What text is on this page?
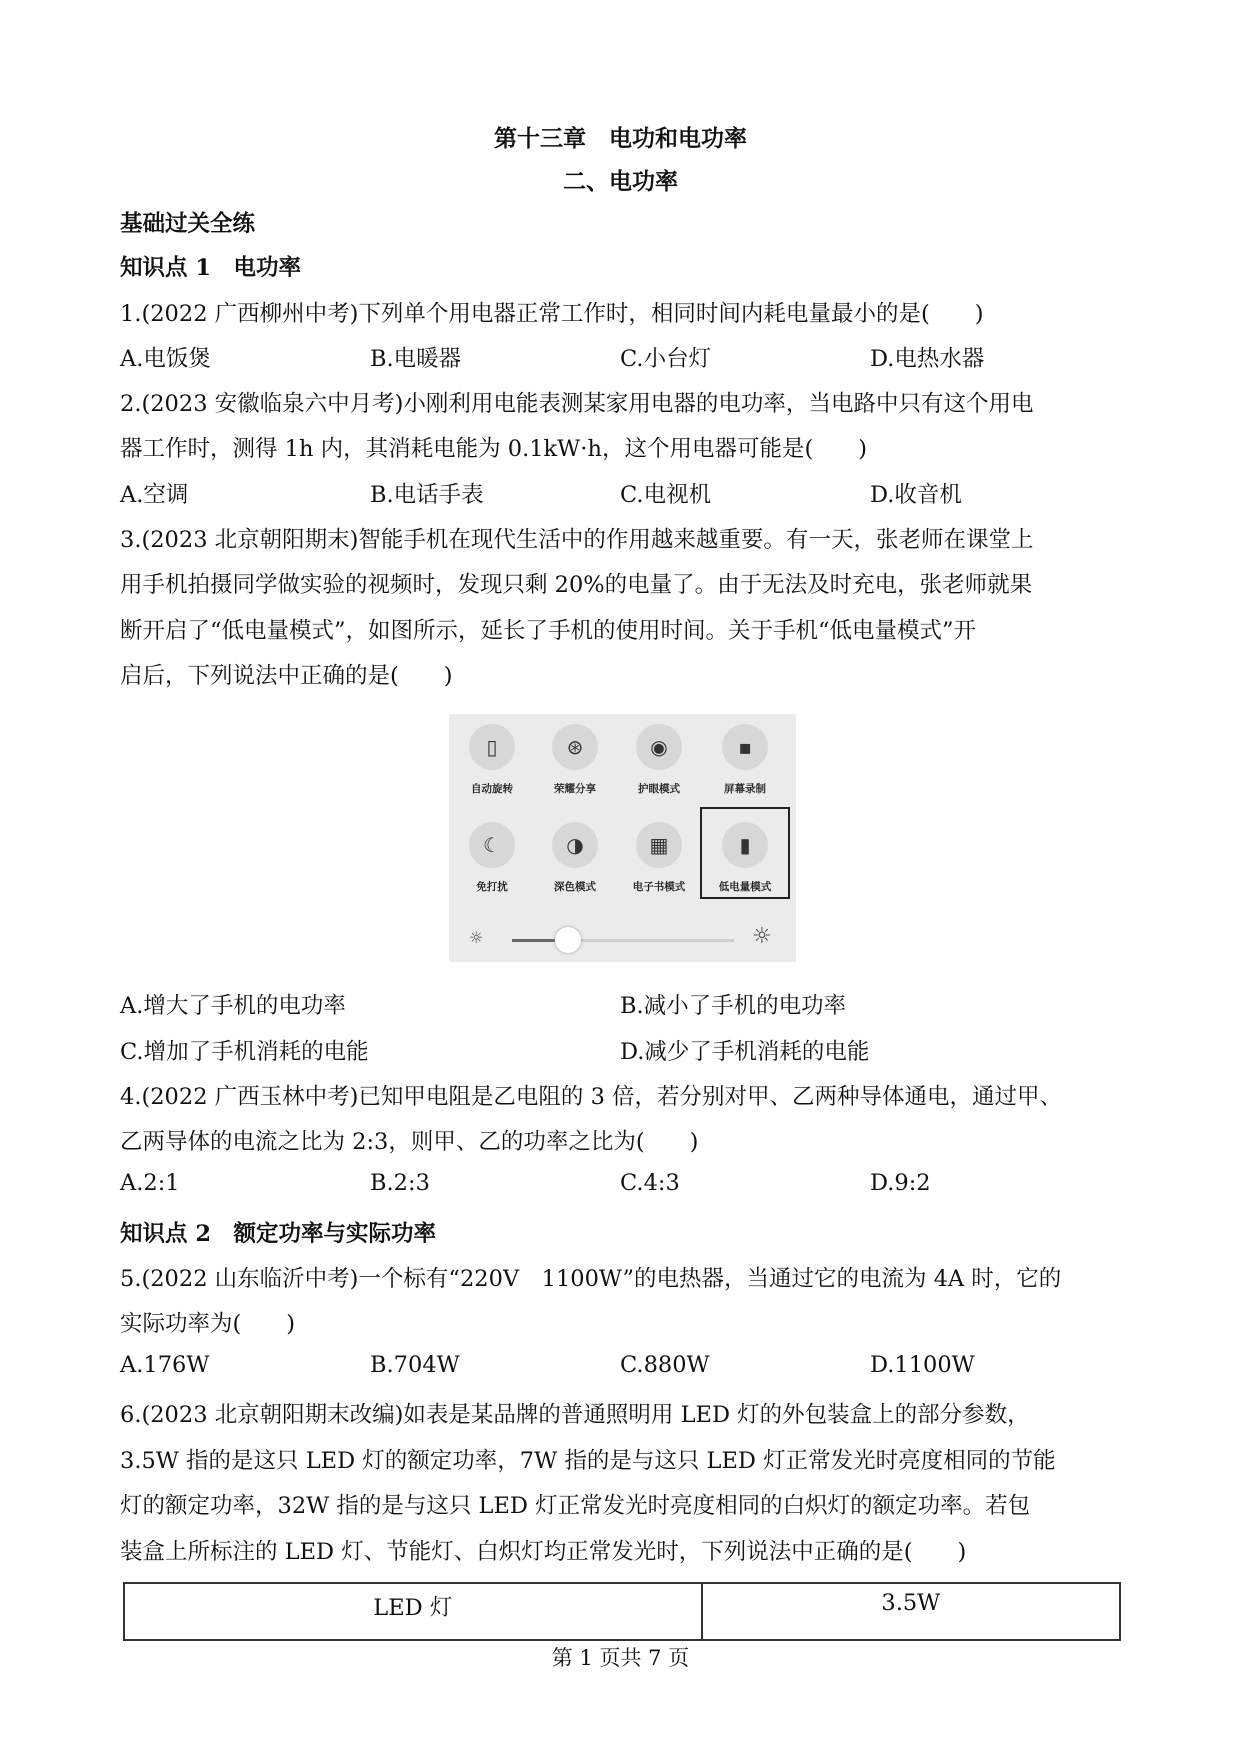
第十三章　电功和电功率
二、电功率
基础过关全练
知识点 1　电功率
1.(2022 广西柳州中考)下列单个用电器正常工作时，相同时间内耗电量最小的是(　　)
A.电饭煲	B.电暖器	C.小台灯	D.电热水器
2.(2023 安徽临泉六中月考)小刚利用电能表测某家用电器的电功率，当电路中只有这个用电
器工作时，测得 1h 内，其消耗电能为 0.1kW·h，这个用电器可能是(　　)
A.空调	B.电话手表	C.电视机	D.收音机
3.(2023 北京朝阳期末)智能手机在现代生活中的作用越来越重要。有一天，张老师在课堂上
用手机拍摄同学做实验的视频时，发现只剩 20%的电量了。由于无法及时充电，张老师就果
断开启了“低电量模式”，如图所示，延长了手机的使用时间。关于手机“低电量模式”开
启后，下列说法中正确的是(　　)
▯
自动旋转
⊛
荣耀分享
◉
护眼模式
▪
屏幕录制
☾
免打扰
◑
深色模式
▦
电子书模式
▮
低电量模式
☼	☼
A.增大了手机的电功率	B.减小了手机的电功率
C.增加了手机消耗的电能	D.减少了手机消耗的电能
4.(2022 广西玉林中考)已知甲电阻是乙电阻的 3 倍，若分别对甲、乙两种导体通电，通过甲、
乙两导体的电流之比为 2:3，则甲、乙的功率之比为(　　)
A.2:1	B.2:3	C.4:3	D.9:2
知识点 2　额定功率与实际功率
5.(2022 山东临沂中考)一个标有“220V　1100W”的电热器，当通过它的电流为 4A 时，它的
实际功率为(　　)
A.176W	B.704W	C.880W	D.1100W
6.(2023 北京朝阳期末改编)如表是某品牌的普通照明用 LED 灯的外包装盒上的部分参数，
3.5W 指的是这只 LED 灯的额定功率，7W 指的是与这只 LED 灯正常发光时亮度相同的节能
灯的额定功率，32W 指的是与这只 LED 灯正常发光时亮度相同的白炽灯的额定功率。若包
装盒上所标注的 LED 灯、节能灯、白炽灯均正常发光时，下列说法中正确的是(　　)
LED 灯	3.5W
第 1 页共 7 页
